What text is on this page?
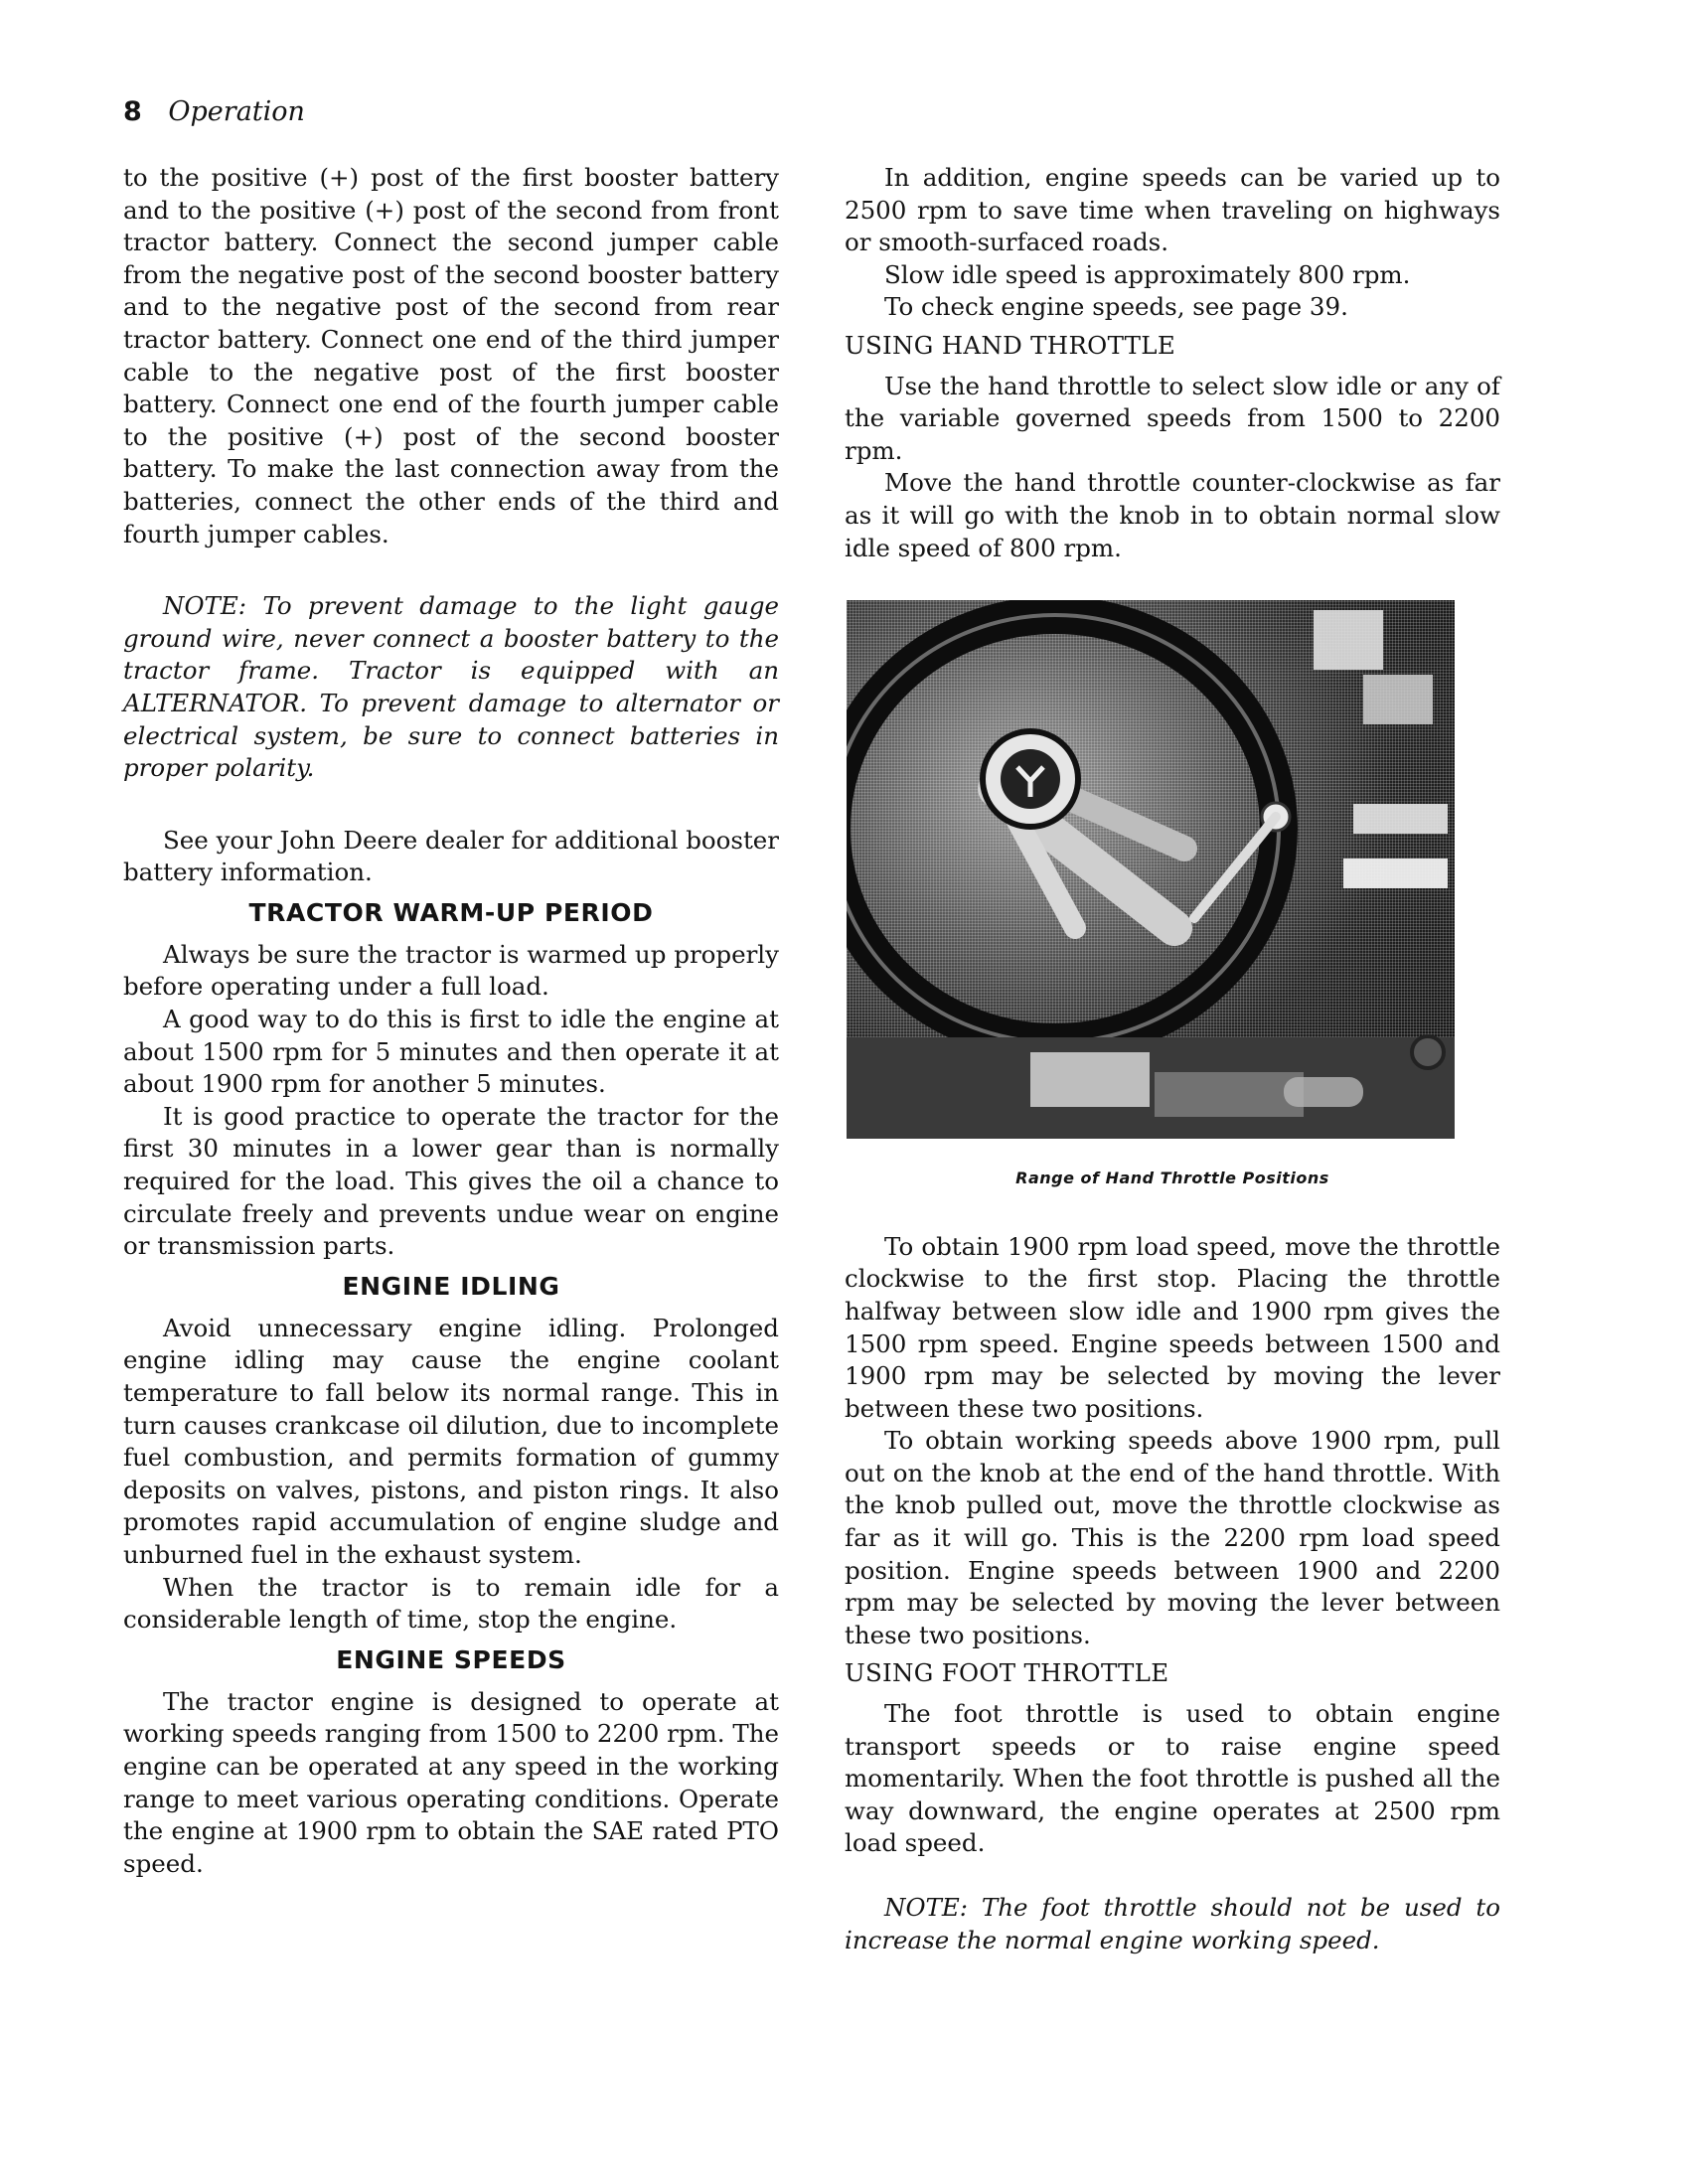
8 Operation

to the positive (+) post of the first booster battery and to the positive (+) post of the second from front tractor battery. Connect the second jumper cable from the negative post of the second booster battery and to the negative post of the second from rear tractor battery. Connect one end of the third jumper cable to the negative post of the first booster battery. Connect one end of the fourth jumper cable to the positive (+) post of the second booster battery. To make the last connection away from the batteries, connect the other ends of the third and fourth jumper cables.

NOTE: To prevent damage to the light gauge ground wire, never connect a booster battery to the tractor frame. Tractor is equipped with an ALTERNATOR. To prevent damage to alternator or electrical system, be sure to connect batteries in proper polarity.

See your John Deere dealer for additional booster battery information.

TRACTOR WARM-UP PERIOD

Always be sure the tractor is warmed up properly before operating under a full load.

A good way to do this is first to idle the engine at about 1500 rpm for 5 minutes and then operate it at about 1900 rpm for another 5 minutes.

It is good practice to operate the tractor for the first 30 minutes in a lower gear than is normally required for the load. This gives the oil a chance to circulate freely and prevents undue wear on engine or transmission parts.

ENGINE IDLING

Avoid unnecessary engine idling. Prolonged engine idling may cause the engine coolant temperature to fall below its normal range. This in turn causes crankcase oil dilution, due to incomplete fuel combustion, and permits formation of gummy deposits on valves, pistons, and piston rings. It also promotes rapid accumulation of engine sludge and unburned fuel in the exhaust system.

When the tractor is to remain idle for a considerable length of time, stop the engine.

ENGINE SPEEDS

The tractor engine is designed to operate at working speeds ranging from 1500 to 2200 rpm. The engine can be operated at any speed in the working range to meet various operating conditions. Operate the engine at 1900 rpm to obtain the SAE rated PTO speed.

In addition, engine speeds can be varied up to 2500 rpm to save time when traveling on highways or smooth-surfaced roads.

Slow idle speed is approximately 800 rpm.

To check engine speeds, see page 39.

USING HAND THROTTLE

Use the hand throttle to select slow idle or any of the variable governed speeds from 1500 to 2200 rpm.

Move the hand throttle counter-clockwise as far as it will go with the knob in to obtain normal slow idle speed of 800 rpm.

Range of Hand Throttle Positions

To obtain 1900 rpm load speed, move the throttle clockwise to the first stop. Placing the throttle halfway between slow idle and 1900 rpm gives the 1500 rpm speed. Engine speeds between 1500 and 1900 rpm may be selected by moving the lever between these two positions.

To obtain working speeds above 1900 rpm, pull out on the knob at the end of the hand throttle. With the knob pulled out, move the throttle clockwise as far as it will go. This is the 2200 rpm load speed position. Engine speeds between 1900 and 2200 rpm may be selected by moving the lever between these two positions.

USING FOOT THROTTLE

The foot throttle is used to obtain engine transport speeds or to raise engine speed momentarily. When the foot throttle is pushed all the way downward, the engine operates at 2500 rpm load speed.

NOTE: The foot throttle should not be used to increase the normal engine working speed.
